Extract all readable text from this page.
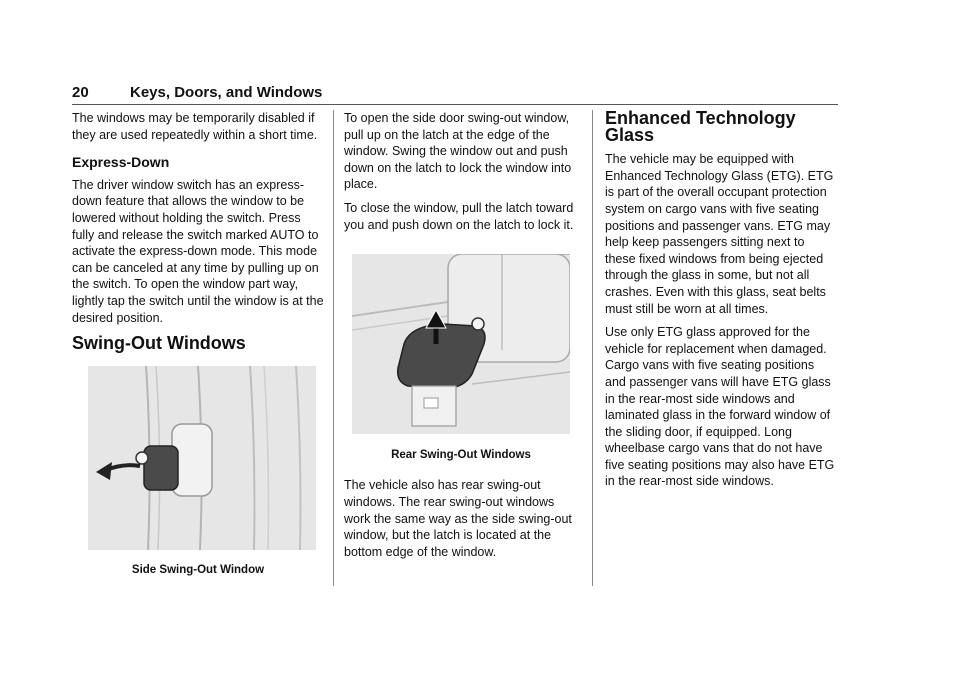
20	Keys, Doors, and Windows

The windows may be temporarily disabled if they are used repeatedly within a short time.

Express-Down

The driver window switch has an express-down feature that allows the window to be lowered without holding the switch. Press fully and release the switch marked AUTO to activate the express-down mode. This mode can be canceled at any time by pulling up on the switch. To open the window part way, lightly tap the switch until the window is at the desired position.

Swing-Out Windows
Side Swing-Out Window

To open the side door swing-out window, pull up on the latch at the edge of the window. Swing the window out and push down on the latch to lock the window into place.

To close the window, pull the latch toward you and push down on the latch to lock it.

Rear Swing-Out Windows

The vehicle also has rear swing-out windows. The rear swing-out windows work the same way as the side swing-out window, but the latch is located at the bottom edge of the window.

Enhanced Technology Glass

The vehicle may be equipped with Enhanced Technology Glass (ETG). ETG is part of the overall occupant protection system on cargo vans with five seating positions and passenger vans. ETG may help keep passengers sitting next to these fixed windows from being ejected through the glass in some, but not all crashes. Even with this glass, seat belts must still be worn at all times.

Use only ETG glass approved for the vehicle for replacement when damaged. Cargo vans with five seating positions and passenger vans will have ETG glass in the rear-most side windows and laminated glass in the forward window of the sliding door, if equipped. Long wheelbase cargo vans that do not have five seating positions may also have ETG in the rear-most side windows.
